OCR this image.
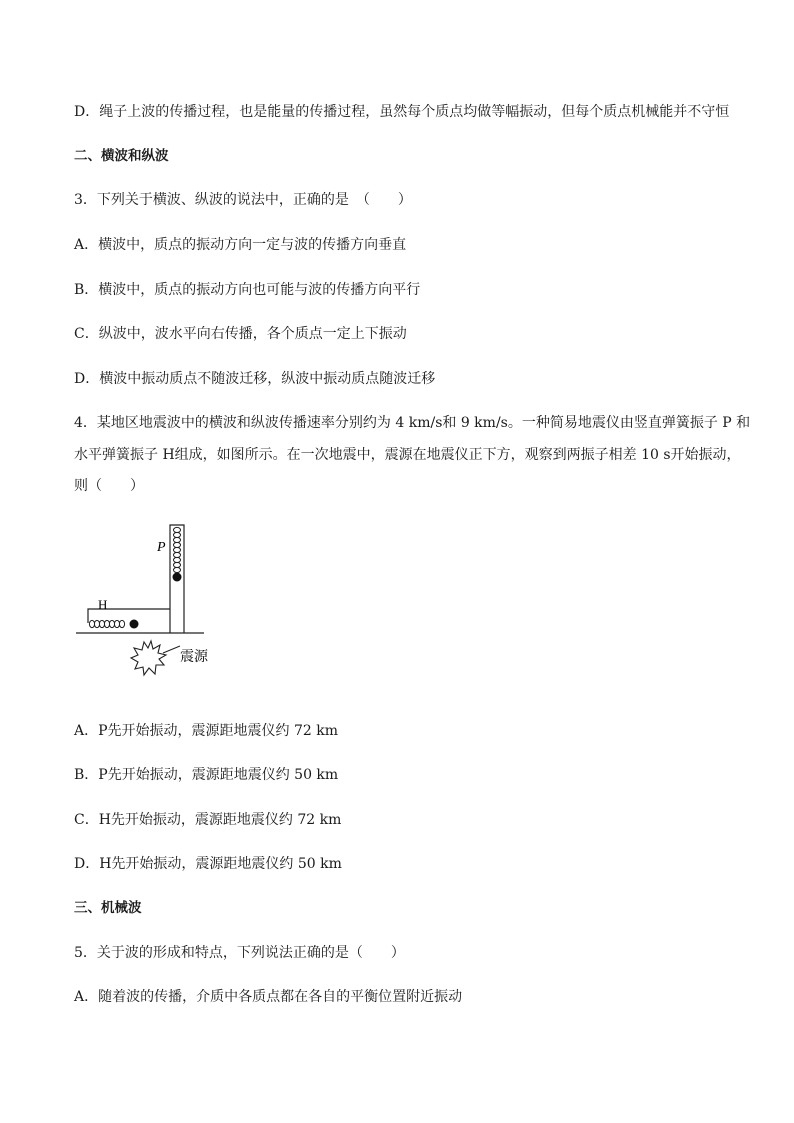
D．绳子上波的传播过程，也是能量的传播过程，虽然每个质点均做等幅振动，但每个质点机械能并不守恒
二、横波和纵波
3．下列关于横波、纵波的说法中，正确的是　（　　）
A．横波中，质点的振动方向一定与波的传播方向垂直
B．横波中，质点的振动方向也可能与波的传播方向平行
C．纵波中，波水平向右传播，各个质点一定上下振动
D．横波中振动质点不随波迁移，纵波中振动质点随波迁移
4．某地区地震波中的横波和纵波传播速率分别约为 4 km/s和 9 km/s。一种简易地震仪由竖直弹簧振子 P 和
水平弹簧振子 H组成，如图所示。在一次地震中，震源在地震仪正下方，观察到两振子相差 10 s开始振动，
则（　　）
P
H
震源
A．P先开始振动，震源距地震仪约 72 km
B．P先开始振动，震源距地震仪约 50 km
C．H先开始振动，震源距地震仪约 72 km
D．H先开始振动，震源距地震仪约 50 km
三、机械波
5．关于波的形成和特点，下列说法正确的是（　　）
A．随着波的传播，介质中各质点都在各自的平衡位置附近振动
